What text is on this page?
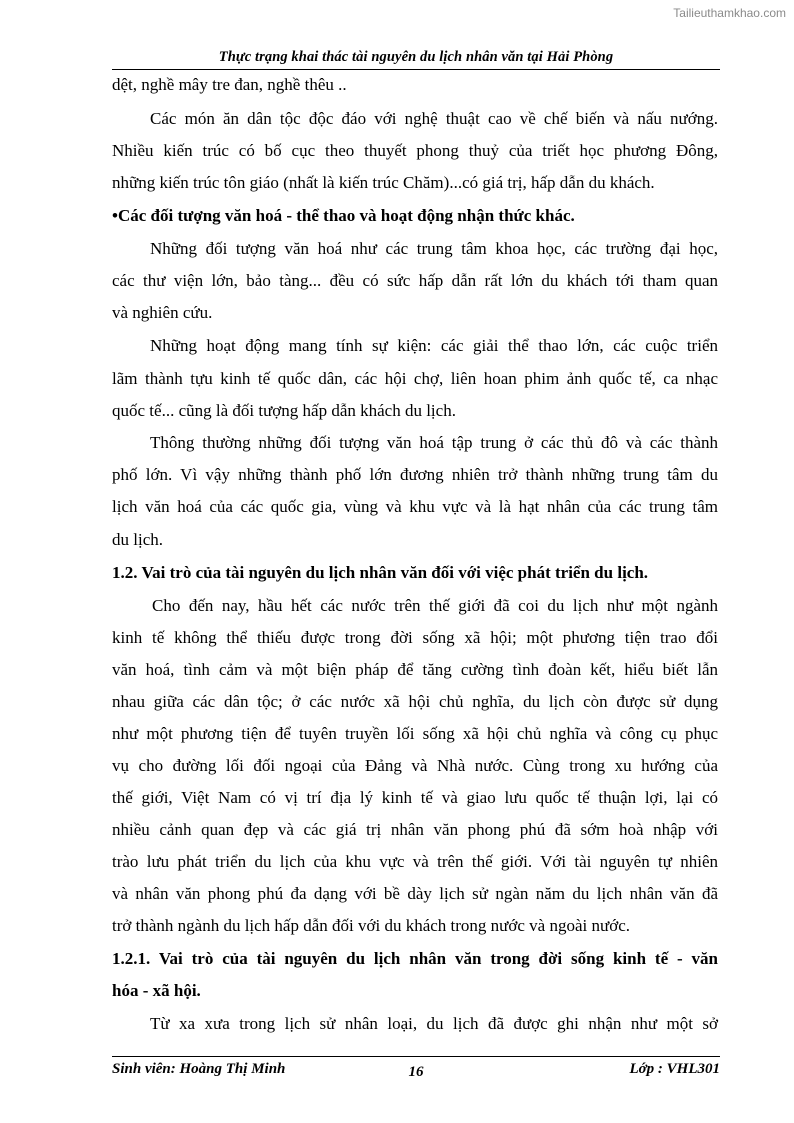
Tailieuthamkhao.com
Thực trạng khai thác tài nguyên du lịch nhân văn tại Hải Phòng
dệt, nghề mây tre đan, nghề thêu ..
Các món ăn dân tộc độc đáo với nghệ thuật cao về chế biến và nấu nướng.
Nhiều kiến trúc có bố cục theo thuyết phong thuỷ của triết học phương Đông,
những kiến trúc tôn giáo (nhất là kiến trúc Chăm)...có giá trị, hấp dẫn du khách.
•Các đối tượng văn hoá - thể thao và hoạt động nhận thức khác.
Những đối tượng văn hoá như các trung tâm khoa học, các trường đại học,
các thư viện lớn, bảo tàng... đều có sức hấp dẫn rất lớn du khách tới tham quan
và nghiên cứu.
Những hoạt động mang tính sự kiện: các giải thể thao lớn, các cuộc triển
lãm thành tựu kinh tế quốc dân, các hội chợ, liên hoan phim ảnh quốc tế, ca nhạc
quốc tế... cũng là đối tượng hấp dẫn khách du lịch.
Thông thường những đối tượng văn hoá tập trung ở các thủ đô và các thành
phố lớn. Vì vậy những thành phố lớn đương nhiên trở thành những trung tâm du
lịch văn hoá của các quốc gia, vùng và khu vực và là hạt nhân của các trung tâm
du lịch.
1.2. Vai trò của tài nguyên du lịch nhân văn đối với việc phát triển du lịch.
Cho đến nay, hầu hết các nước trên thế giới đã coi du lịch như một ngành
kinh tế không thể thiếu được trong đời sống xã hội; một phương tiện trao đổi
văn hoá, tình cảm và một biện pháp để tăng cường tình đoàn kết, hiểu biết lẫn
nhau giữa các dân tộc; ở các nước xã hội chủ nghĩa, du lịch còn được sử dụng
như một phương tiện để tuyên truyền lối sống xã hội chủ nghĩa và công cụ phục
vụ cho đường lối đối ngoại của Đảng và Nhà nước. Cùng trong xu hướng của
thế giới, Việt Nam có vị trí địa lý kinh tế và giao lưu quốc tế thuận lợi, lại có
nhiều cảnh quan đẹp và các giá trị nhân văn phong phú đã sớm hoà nhập với
trào lưu phát triển du lịch của khu vực và trên thế giới. Với tài nguyên tự nhiên
và nhân văn phong phú đa dạng với bề dày lịch sử ngàn năm du lịch nhân văn đã
trở thành ngành du lịch hấp dẫn đối với du khách trong nước và ngoài nước.
1.2.1. Vai trò của tài nguyên du lịch nhân văn trong đời sống kinh tế - văn
hóa - xã hội.
Từ xa xưa trong lịch sử nhân loại, du lịch đã được ghi nhận như một sở
Sinh viên: Hoàng Thị Minh	16	Lớp : VHL301
